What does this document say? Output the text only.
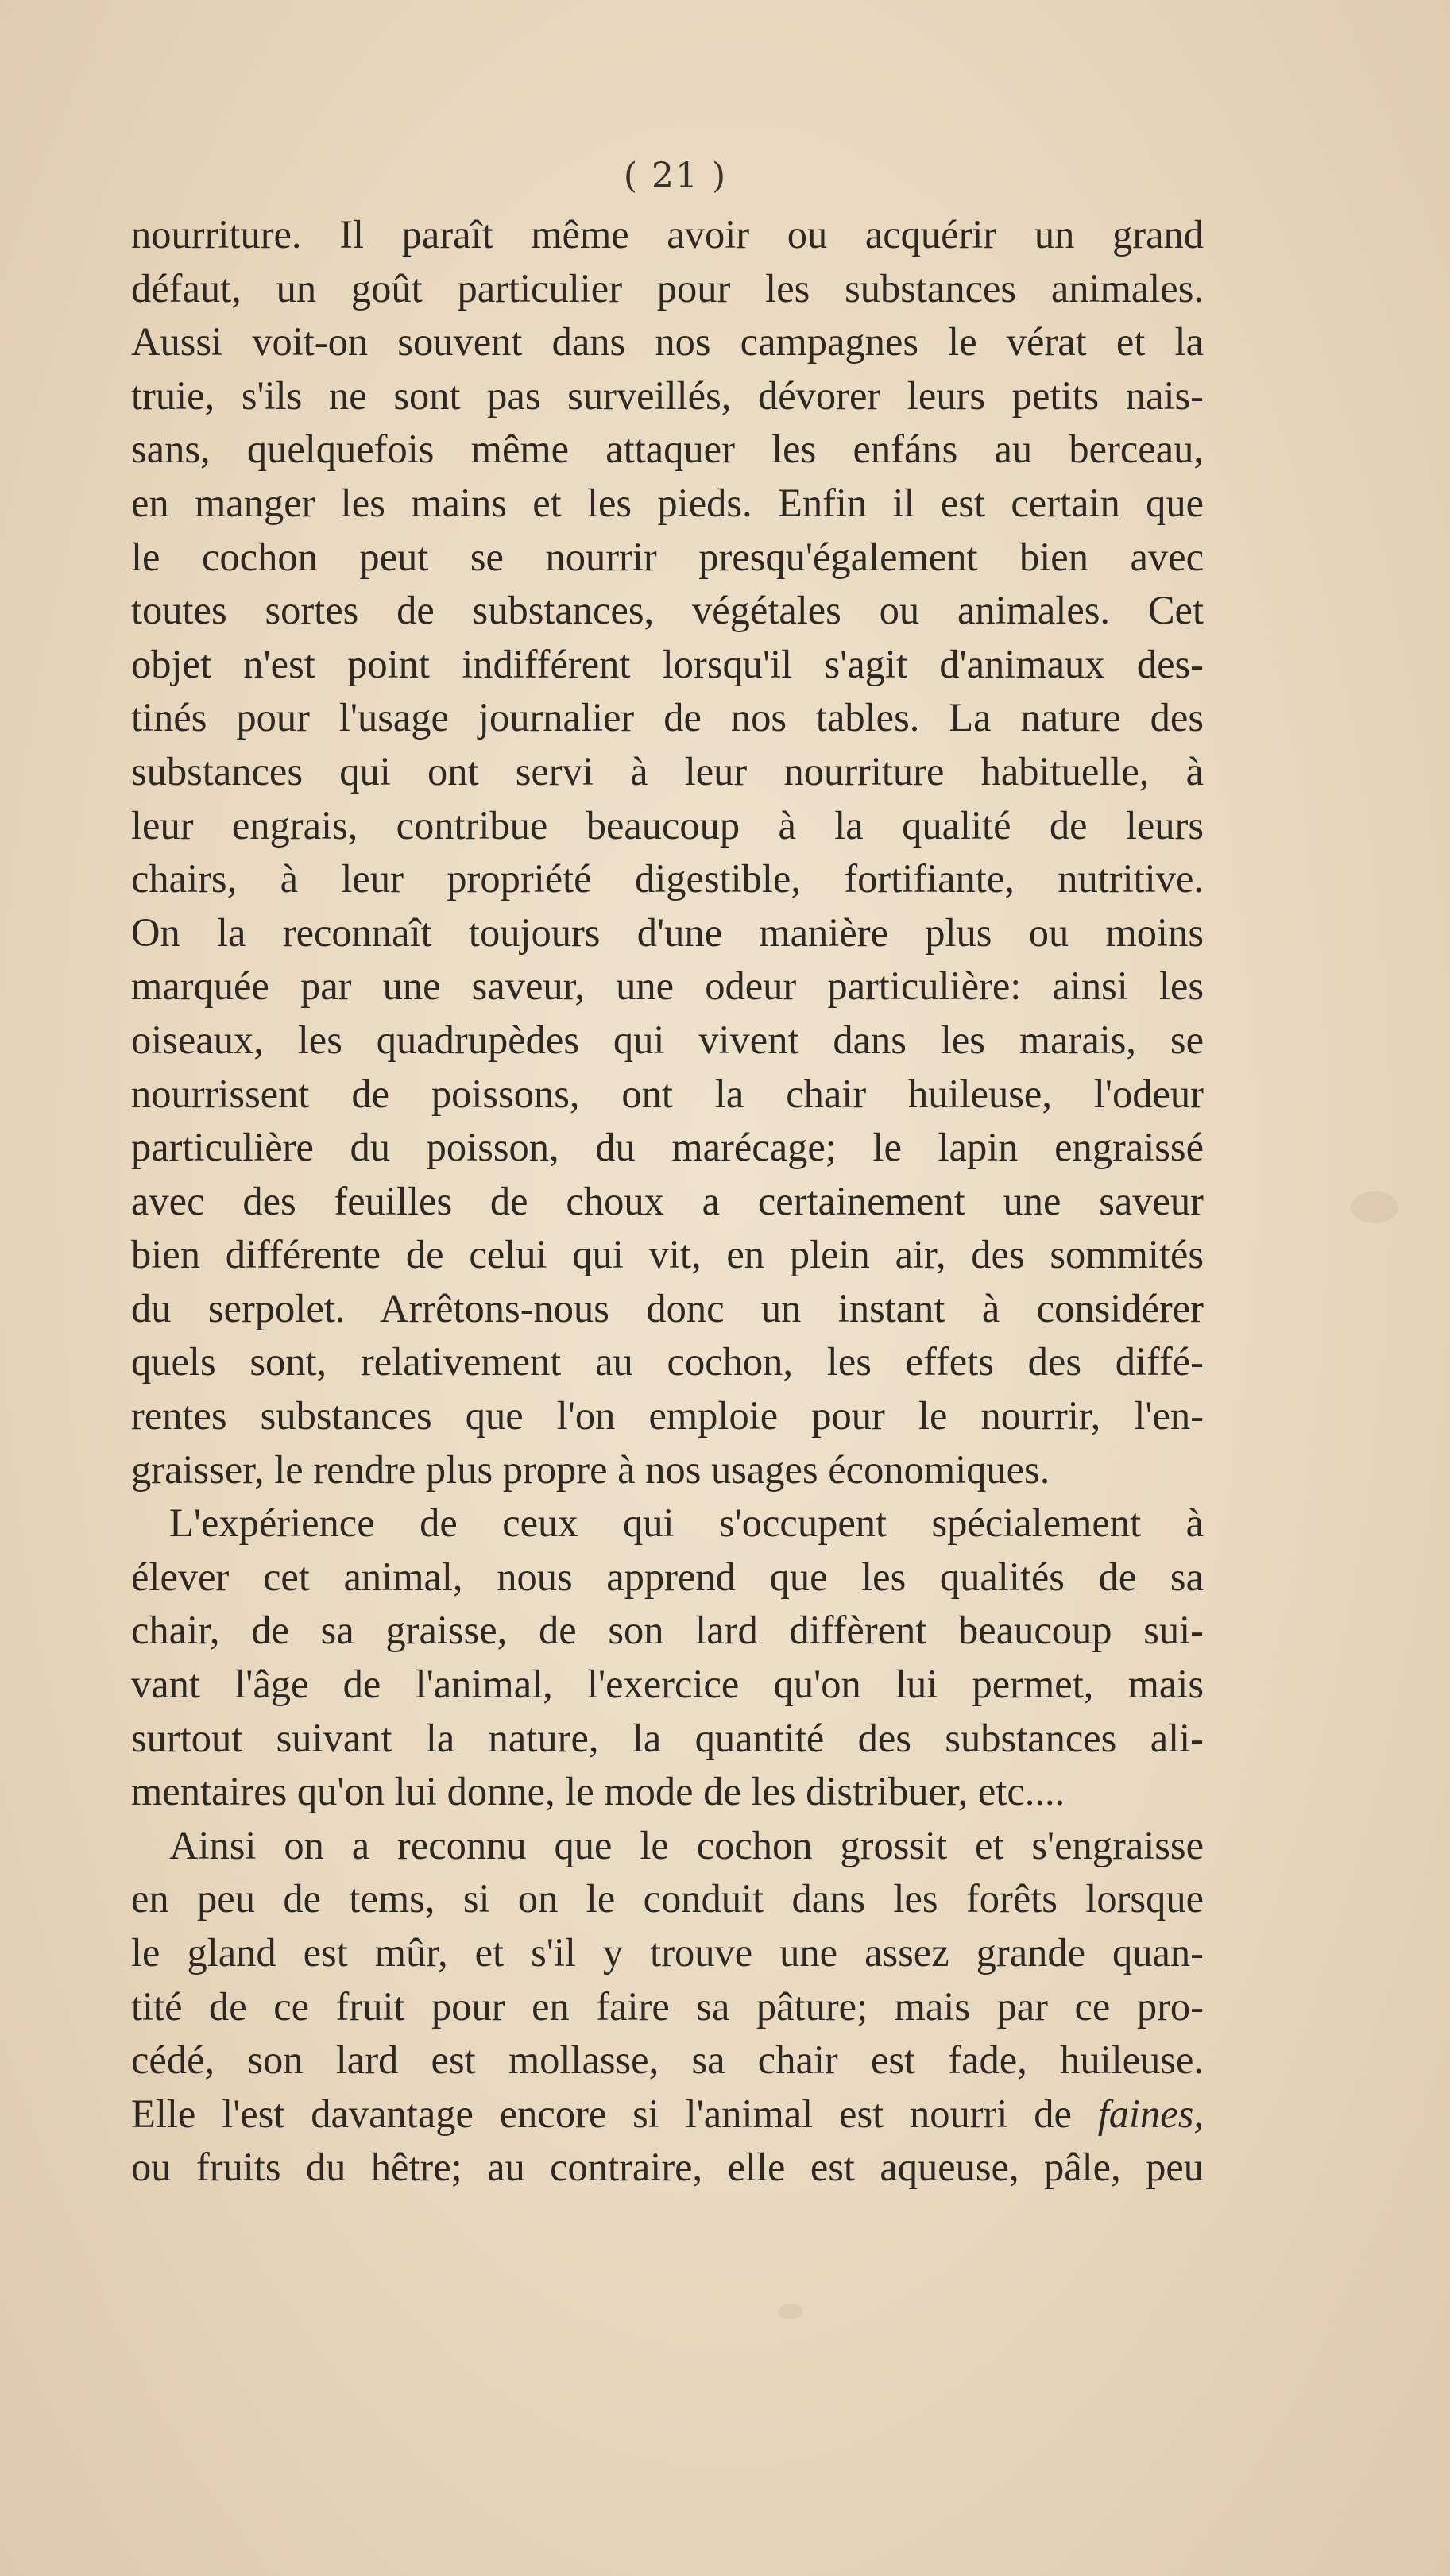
( 21 )
nourriture. Il paraît même avoir ou acquérir un grand
défaut, un goût particulier pour les substances animales.
Aussi voit-on souvent dans nos campagnes le vérat et la
truie, s'ils ne sont pas surveillés, dévorer leurs petits nais-
sans, quelquefois même attaquer les enfáns au berceau,
en manger les mains et les pieds. Enfin il est certain que
le cochon peut se nourrir presqu'également bien avec
toutes sortes de substances, végétales ou animales. Cet
objet n'est point indifférent lorsqu'il s'agit d'animaux des-
tinés pour l'usage journalier de nos tables. La nature des
substances qui ont servi à leur nourriture habituelle, à
leur engrais, contribue beaucoup à la qualité de leurs
chairs, à leur propriété digestible, fortifiante, nutritive.
On la reconnaît toujours d'une manière plus ou moins
marquée par une saveur, une odeur particulière: ainsi les
oiseaux, les quadrupèdes qui vivent dans les marais, se
nourrissent de poissons, ont la chair huileuse, l'odeur
particulière du poisson, du marécage; le lapin engraissé
avec des feuilles de choux a certainement une saveur
bien différente de celui qui vit, en plein air, des sommités
du serpolet. Arrêtons-nous donc un instant à considérer
quels sont, relativement au cochon, les effets des diffé-
rentes substances que l'on emploie pour le nourrir, l'en-
graisser, le rendre plus propre à nos usages économiques.
L'expérience de ceux qui s'occupent spécialement à
élever cet animal, nous apprend que les qualités de sa
chair, de sa graisse, de son lard diffèrent beaucoup sui-
vant l'âge de l'animal, l'exercice qu'on lui permet, mais
surtout suivant la nature, la quantité des substances ali-
mentaires qu'on lui donne, le mode de les distribuer, etc....
Ainsi on a reconnu que le cochon grossit et s'engraisse
en peu de tems, si on le conduit dans les forêts lorsque
le gland est mûr, et s'il y trouve une assez grande quan-
tité de ce fruit pour en faire sa pâture; mais par ce pro-
cédé, son lard est mollasse, sa chair est fade, huileuse.
Elle l'est davantage encore si l'animal est nourri de faines,
ou fruits du hêtre; au contraire, elle est aqueuse, pâle, peu
